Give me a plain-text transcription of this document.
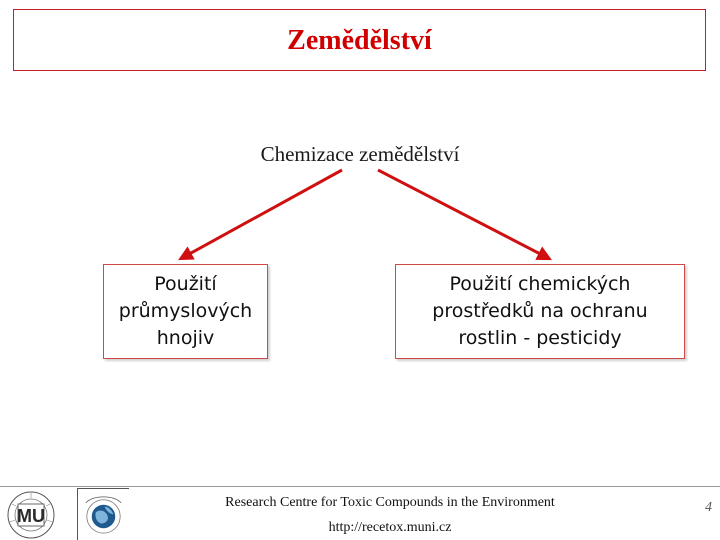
Zemědělství
Chemizace zemědělství
Použití
průmyslových
hnojiv
Použití chemických
prostředků na ochranu
rostlin - pesticidy
MU
Research Centre for Toxic Compounds in the Environment
http://recetox.muni.cz
4
